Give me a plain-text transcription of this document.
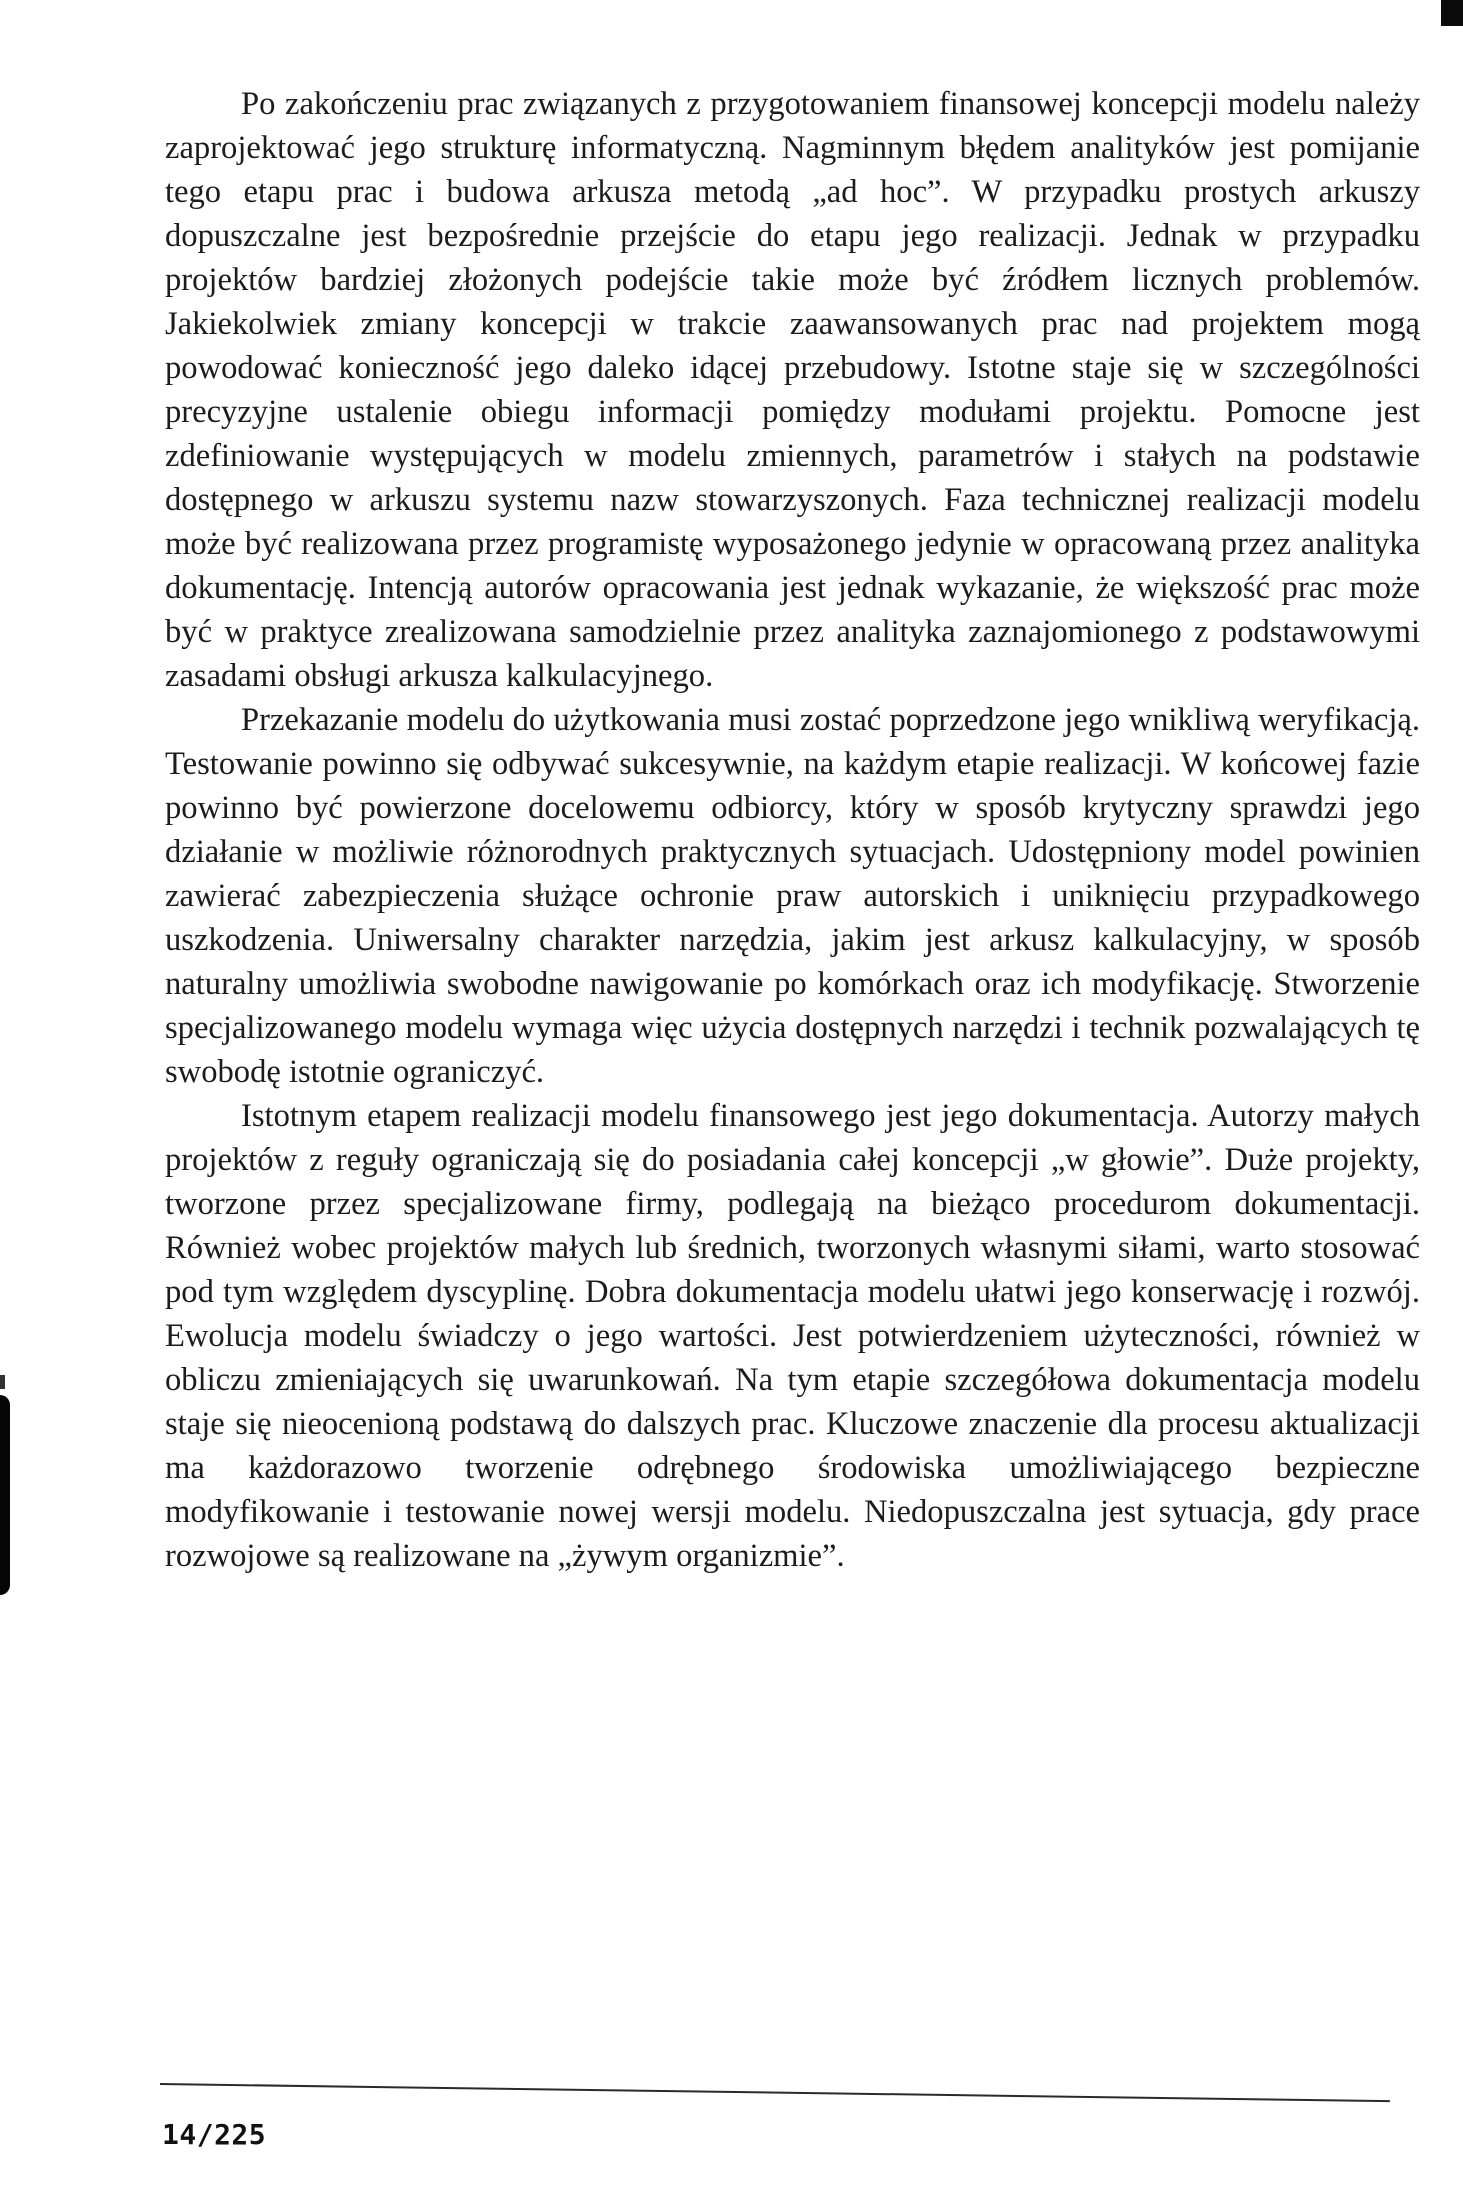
Po zakończeniu prac związanych z przygotowaniem finansowej koncepcji modelu należy zaprojektować jego strukturę informatyczną. Nagminnym błędem analityków jest pomijanie tego etapu prac i budowa arkusza metodą „ad hoc”. W przypadku prostych arkuszy dopuszczalne jest bezpośrednie przejście do etapu jego realizacji. Jednak w przypadku projektów bardziej złożonych podejście takie może być źródłem licznych problemów. Jakiekolwiek zmiany koncepcji w trakcie zaawansowanych prac nad projektem mogą powodować konieczność jego daleko idącej przebudowy. Istotne staje się w szczególności precyzyjne ustalenie obiegu informacji pomiędzy modułami projektu. Pomocne jest zdefiniowanie występujących w modelu zmiennych, parametrów i stałych na podstawie dostępnego w arkuszu systemu nazw stowarzyszonych. Faza technicznej realizacji modelu może być realizowana przez programistę wyposażonego jedynie w opracowaną przez analityka dokumentację. Intencją autorów opracowania jest jednak wykazanie, że większość prac może być w praktyce zrealizowana samodzielnie przez analityka zaznajomionego z podstawowymi zasadami obsługi arkusza kalkulacyjnego.

Przekazanie modelu do użytkowania musi zostać poprzedzone jego wnikliwą weryfikacją. Testowanie powinno się odbywać sukcesywnie, na każdym etapie realizacji. W końcowej fazie powinno być powierzone docelowemu odbiorcy, który w sposób krytyczny sprawdzi jego działanie w możliwie różnorodnych praktycznych sytuacjach. Udostępniony model powinien zawierać zabezpieczenia służące ochronie praw autorskich i uniknięciu przypadkowego uszkodzenia. Uniwersalny charakter narzędzia, jakim jest arkusz kalkulacyjny, w sposób naturalny umożliwia swobodne nawigowanie po komórkach oraz ich modyfikację. Stworzenie specjalizowanego modelu wymaga więc użycia dostępnych narzędzi i technik pozwalających tę swobodę istotnie ograniczyć.

Istotnym etapem realizacji modelu finansowego jest jego dokumentacja. Autorzy małych projektów z reguły ograniczają się do posiadania całej koncepcji „w głowie”. Duże projekty, tworzone przez specjalizowane firmy, podlegają na bieżąco procedurom dokumentacji. Również wobec projektów małych lub średnich, tworzonych własnymi siłami, warto stosować pod tym względem dyscyplinę. Dobra dokumentacja modelu ułatwi jego konserwację i rozwój. Ewolucja modelu świadczy o jego wartości. Jest potwierdzeniem użyteczności, również w obliczu zmieniających się uwarunkowań. Na tym etapie szczegółowa dokumentacja modelu staje się nieocenioną podstawą do dalszych prac. Kluczowe znaczenie dla procesu aktualizacji ma każdorazowo tworzenie odrębnego środowiska umożliwiającego bezpieczne modyfikowanie i testowanie nowej wersji modelu. Niedopuszczalna jest sytuacja, gdy prace rozwojowe są realizowane na „żywym organizmie”.

14/225
